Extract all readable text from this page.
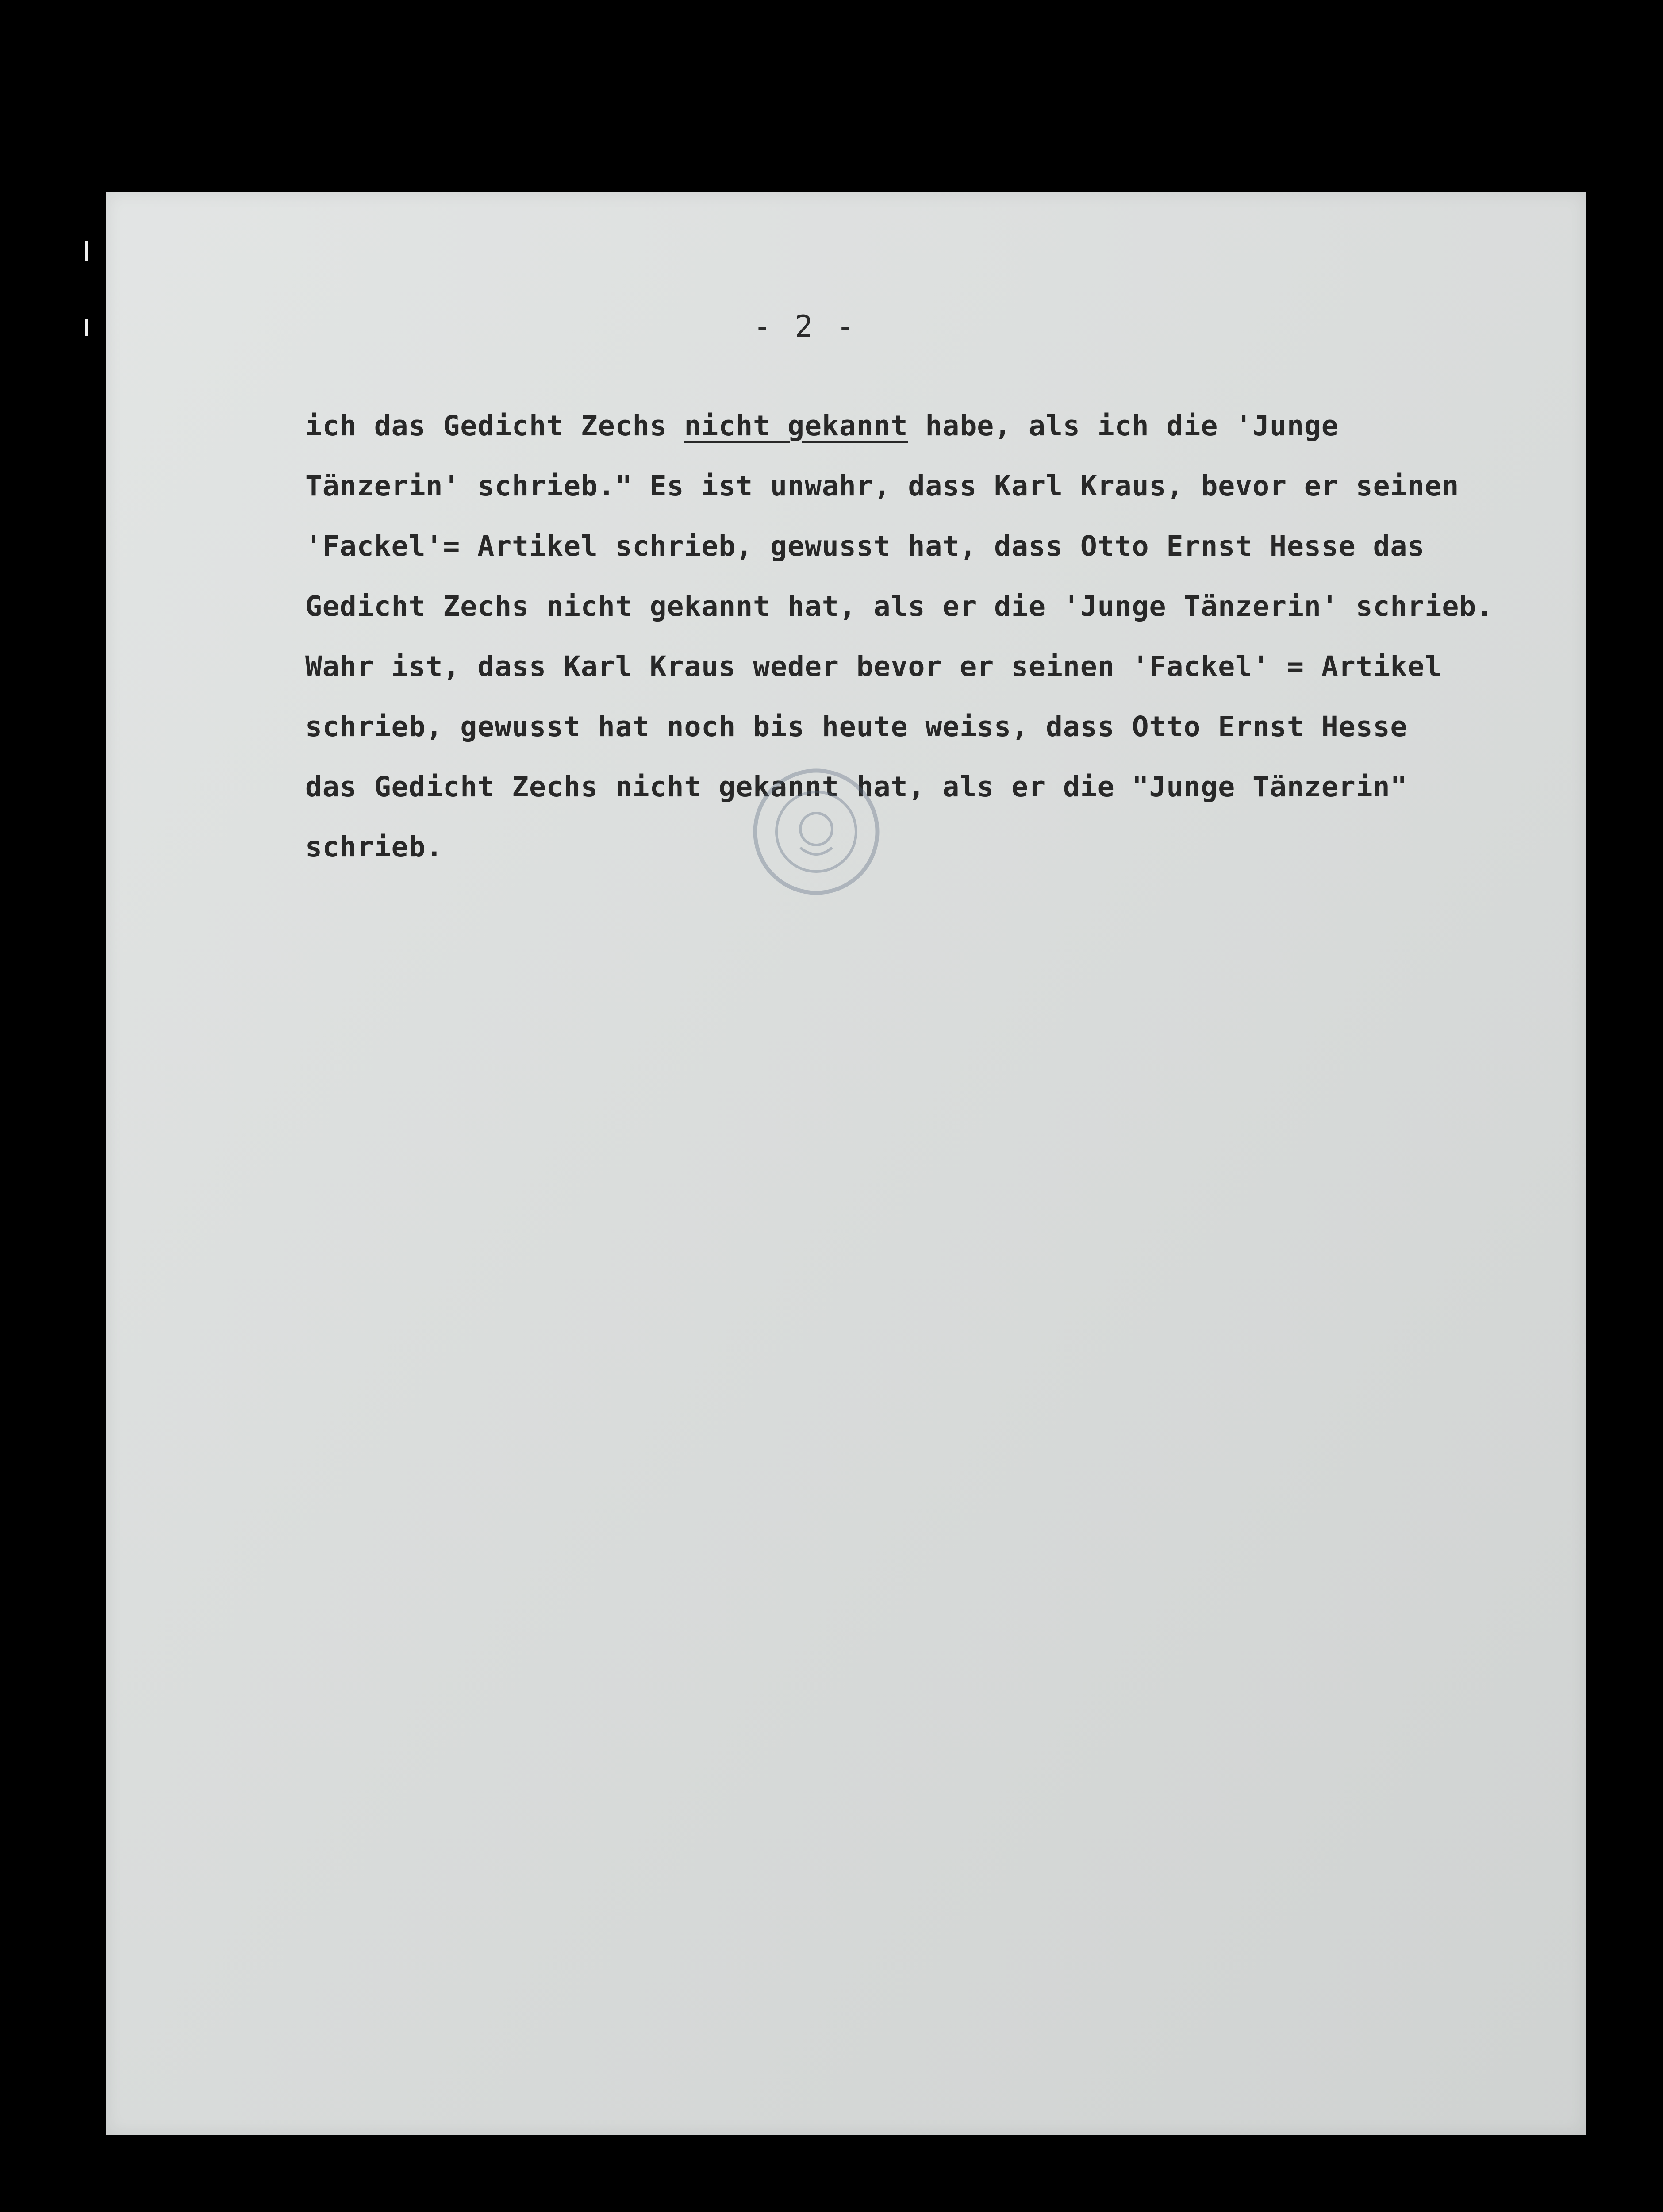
- 2 -
ich das Gedicht Zechs nicht gekannt habe, als ich die 'Junge
Tänzerin' schrieb." Es ist unwahr, dass Karl Kraus, bevor er seinen
'Fackel'= Artikel schrieb, gewusst hat, dass Otto Ernst Hesse das
Gedicht Zechs nicht gekannt hat, als er die 'Junge Tänzerin' schrieb.
Wahr ist, dass Karl Kraus weder bevor er seinen 'Fackel' = Artikel
schrieb, gewusst hat noch bis heute weiss, dass Otto Ernst Hesse
das Gedicht Zechs nicht gekannt hat, als er die "Junge Tänzerin"
schrieb.
